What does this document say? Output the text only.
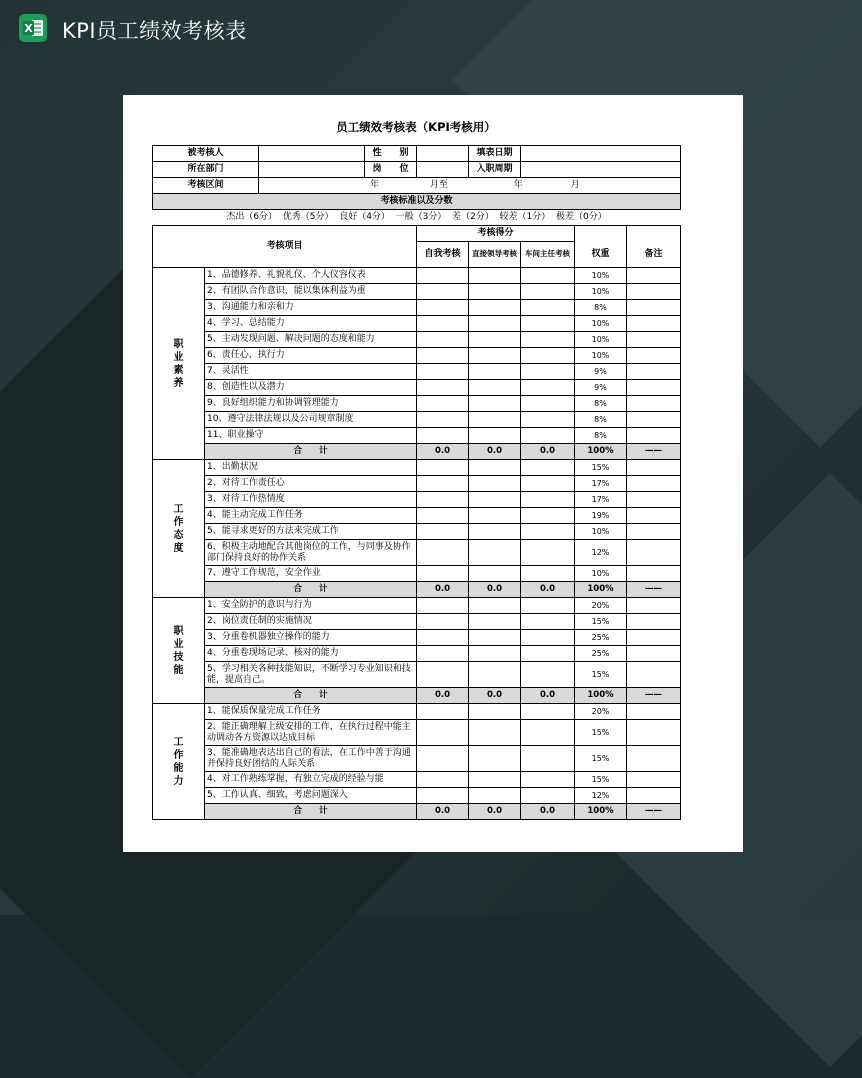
X KPI员工绩效考核表
员工绩效考核表（KPI考核用）
被考核人			性　　别		填表日期			
所在部门			岗　　位		入职周期			
考核区间		年 月至 年 月						
考核标准以及分数								
杰出（6分）  优秀（5分）  良好（4分）  一般（3分）  差（2分）  较差（1分）  极差（0分）								
考核项目				考核得分				
				自我考核	直接领导考核	车间主任考核	权重	备注
职业素养	1、品德修养、礼貌礼仪、个人仪容仪表						10%	
	2、有团队合作意识，能以集体利益为重						10%	
	3、沟通能力和亲和力						8%	
	4、学习、总结能力						10%	
	5、主动发现问题、解决问题的态度和能力						10%	
	6、责任心，执行力						10%	
	7、灵活性						9%	
	8、创造性以及潜力						9%	
	9、良好组织能力和协调管理能力						8%	
	10、遵守法律法规以及公司规章制度						8%	
	11、职业操守						8%	
	合　　计			0.0	0.0	0.0	100%	——
工作态度	1、出勤状况						15%	
	2、对待工作责任心						17%	
	3、对待工作热情度						17%	
	4、能主动完成工作任务						19%	
	5、能寻求更好的方法来完成工作						10%	
	6、积极主动地配合其他岗位的工作，与同事及协作部门保持良好的协作关系						12%	
	7、遵守工作规范，安全作业						10%	
	合　　计			0.0	0.0	0.0	100%	——
职业技能	1、安全防护的意识与行为						20%	
	2、岗位责任制的实施情况						15%	
	3、分重卷机器独立操作的能力						25%	
	4、分重卷现场记录、核对的能力						25%	
	5、学习相关各种技能知识，不断学习专业知识和技能，提高自己。						15%	
	合　　计			0.0	0.0	0.0	100%	——
工作能力	1、能保质保量完成工作任务						20%	
	2、能正确理解上级安排的工作，在执行过程中能主动调动各方资源以达成目标						15%	
	3、能准确地表达出自己的看法，在工作中善于沟通并保持良好团结的人际关系						15%	
	4、对工作熟练掌握，有独立完成的经验与能						15%	
	5、工作认真、细致，考虑问题深入						12%	
	合　　计			0.0	0.0	0.0	100%	——
